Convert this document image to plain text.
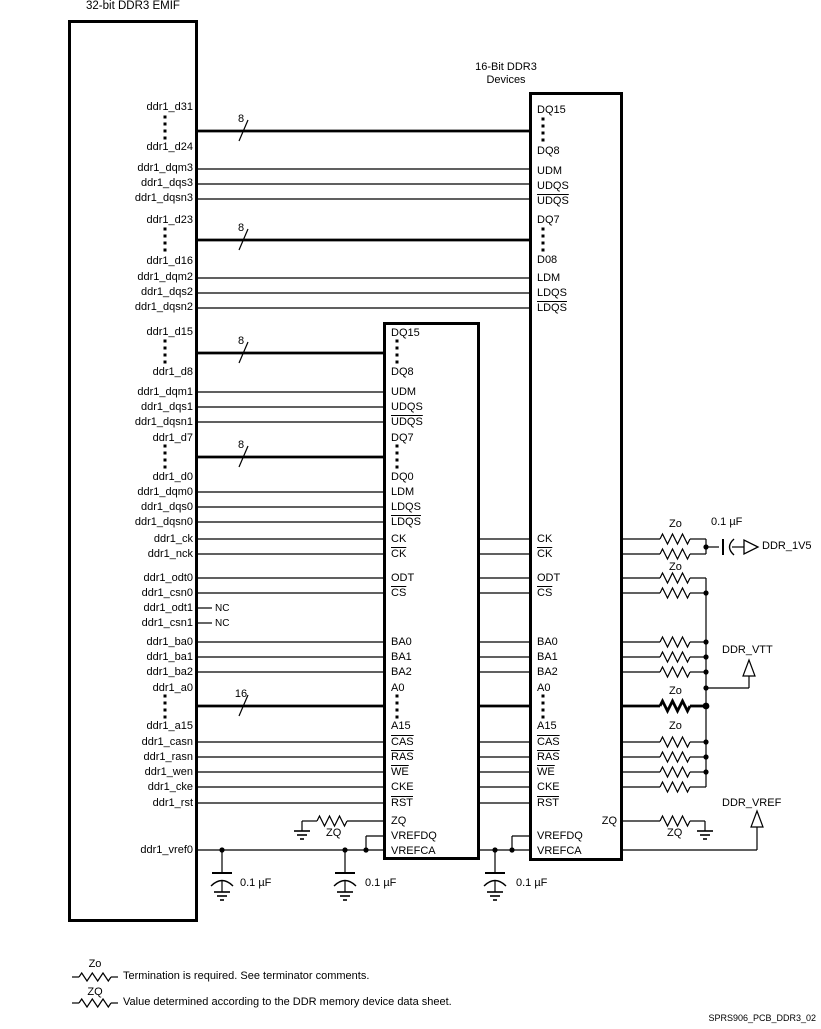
32-bit DDR3 EMIF
16-Bit DDR3
Devices
8
8
8
8
16
NC
NC
Zo
Zo
Zo
Zo
ZQ	ZQ
0.1 µF
0.1 µF	0.1 µF	0.1 µF
DDR_1V5
DDR_VTT
DDR_VREF
Zo
Termination is required. See terminator comments.
ZQ
Value determined according to the DDR memory device data sheet.
SPRS906_PCB_DDR3_02
ddr1_d31
ddr1_d24
ddr1_dqm3
ddr1_dqs3
ddr1_dqsn3
ddr1_d23
ddr1_d16
ddr1_dqm2
ddr1_dqs2
ddr1_dqsn2
ddr1_d15
ddr1_d8
ddr1_dqm1
ddr1_dqs1
ddr1_dqsn1
ddr1_d7
ddr1_d0
ddr1_dqm0
ddr1_dqs0
ddr1_dqsn0
ddr1_ck
ddr1_nck
ddr1_odt0
ddr1_csn0
ddr1_odt1
ddr1_csn1
ddr1_ba0
ddr1_ba1
ddr1_ba2
ddr1_a0
ddr1_a15
ddr1_casn
ddr1_rasn
ddr1_wen
ddr1_cke
ddr1_rst
ddr1_vref0
DQ15
DQ8
UDM
UDQS
UDQS
DQ7
DQ0
LDM
LDQS
LDQS
CK
$\overline{CK}$
ODT
$\overline{CS}$
BA0
BA1
BA2
A0
A15
$\overline{CAS}$
$\overline{RAS}$
$\overline{WE}$
CKE
$\overline{RST}$
ZQ
VREFDQ
VREFCA
DQ15
DQ8
UDM
UDQS
UDQS
DQ7
D08
LDM
LDQS
LDQS
CK
$\overline{CK}$
ODT
$\overline{CS}$
BA0
BA1
BA2
A0
A15
$\overline{CAS}$
$\overline{RAS}$
$\overline{WE}$
CKE
$\overline{RST}$
ZQ
VREFDQ
VREFCA
